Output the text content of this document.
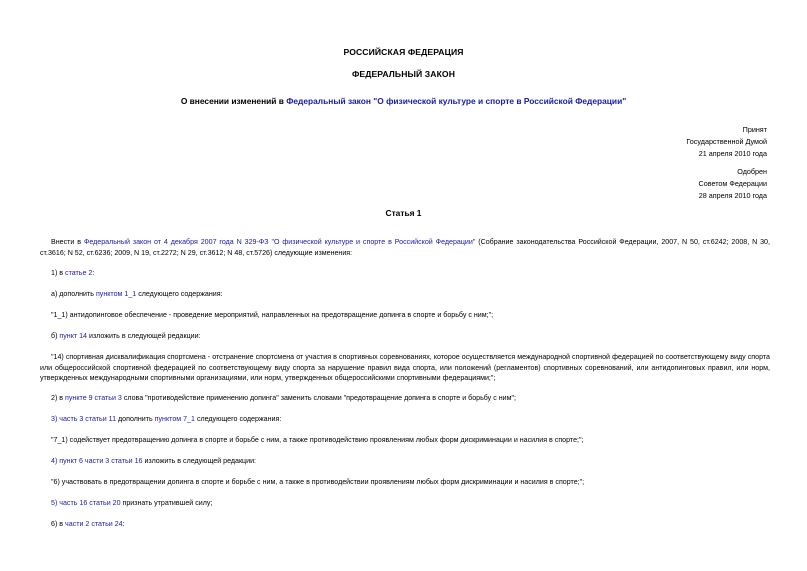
РОССИЙСКАЯ ФЕДЕРАЦИЯ
ФЕДЕРАЛЬНЫЙ ЗАКОН
О внесении изменений в Федеральный закон "О физической культуре и спорте в Российской Федерации"
Принят
Государственной Думой
21 апреля 2010 года
Одобрен
Советом Федерации
28 апреля 2010 года
Статья 1
Внести в Федеральный закон от 4 декабря 2007 года N 329-ФЗ "О физической культуре и спорте в Российской Федерации" (Собрание законодательства Российской Федерации, 2007, N 50, ст.6242; 2008, N 30, ст.3616; N 52, ст.6236; 2009, N 19, ст.2272; N 29, ст.3612; N 48, ст.5726) следующие изменения:
1) в статье 2:
а) дополнить пунктом 1_1 следующего содержания:
"1_1) антидопинговое обеспечение - проведение мероприятий, направленных на предотвращение допинга в спорте и борьбу с ним;";
б) пункт 14 изложить в следующей редакции:
"14) спортивная дисквалификация спортсмена - отстранение спортсмена от участия в спортивных соревнованиях, которое осуществляется международной спортивной федерацией по соответствующему виду спорта или общероссийской спортивной федерацией по соответствующему виду спорта за нарушение правил вида спорта, или положений (регламентов) спортивных соревнований, или антидопинговых правил, или норм, утвержденных международными спортивными организациями, или норм, утвержденных общероссийскими спортивными федерациями;";
2) в пункте 9 статьи 3 слова "противодействие применению допинга" заменить словами "предотвращение допинга в спорте и борьбу с ним";
3) часть 3 статьи 11 дополнить пунктом 7_1 следующего содержания:
"7_1) содействует предотвращению допинга в спорте и борьбе с ним, а также противодействию проявлениям любых форм дискриминации и насилия в спорте;";
4) пункт 6 части 3 статьи 16 изложить в следующей редакции:
"6) участвовать в предотвращении допинга в спорте и борьбе с ним, а также в противодействии проявлениям любых форм дискриминации и насилия в спорте;";
5) часть 16 статьи 20 признать утратившей силу;
6) в части 2 статьи 24:
